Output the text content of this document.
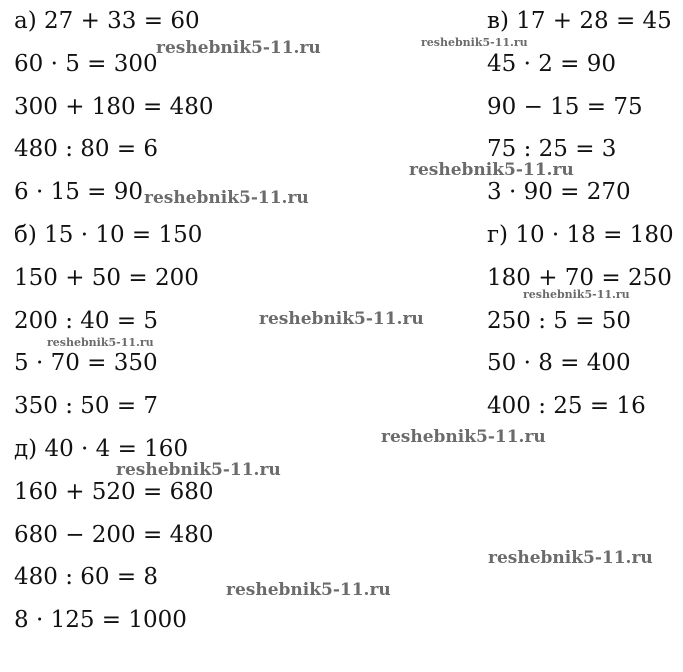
а) 27 + 33 = 60
60 · 5 = 300
300 + 180 = 480
480 : 80 = 6
6 · 15 = 90
б) 15 · 10 = 150
150 + 50 = 200
200 : 40 = 5
5 · 70 = 350
350 : 50 = 7
д) 40 · 4 = 160
160 + 520 = 680
680 − 200 = 480
480 : 60 = 8
8 · 125 = 1000
в) 17 + 28 = 45
45 · 2 = 90
90 − 15 = 75
75 : 25 = 3
3 · 90 = 270
г) 10 · 18 = 180
180 + 70 = 250
250 : 5 = 50
50 · 8 = 400
400 : 25 = 16
reshebnik5-11.ru	reshebnik5-11.ru
reshebnik5-11.ru
reshebnik5-11.ru
reshebnik5-11.ru
reshebnik5-11.ru
reshebnik5-11.ru
reshebnik5-11.ru
reshebnik5-11.ru
reshebnik5-11.ru
reshebnik5-11.ru
